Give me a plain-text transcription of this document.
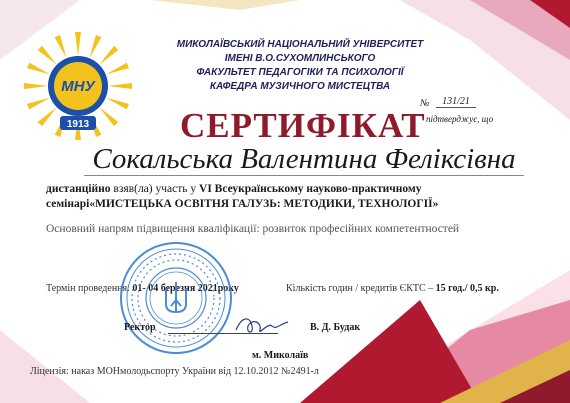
МНУ
1913
МИКОЛАЇВСЬКИЙ НАЦІОНАЛЬНИЙ УНІВЕРСИТЕТ
ІМЕНІ В.О.СУХОМЛИНСЬКОГО
ФАКУЛЬТЕТ ПЕДАГОГІКИ ТА ПСИХОЛОГІЇ
КАФЕДРА МУЗИЧНОГО МИСТЕЦТВА
№	131/21
підтверджує, що
СЕРТИФІКАТ
Сокальська Валентина Феліксівна
дистанційно взяв(ла) участь у VI Всеукраїнському науково-практичному
семінарі«МИСТЕЦЬКА ОСВІТНЯ ГАЛУЗЬ: МЕТОДИКИ, ТЕХНОЛОГІЇ»
Основний напрям підвищення кваліфікації: розвиток професійних компетентностей
Термін проведення: 01- 04 березня 2021року	Кількість годин / кредитів ЄКТС – 15 год./ 0,5 кр.
Ректор	В. Д. Будак
м. Миколаїв
Ліцензія: наказ МОНмолодьспорту України від 12.10.2012 №2491-л
